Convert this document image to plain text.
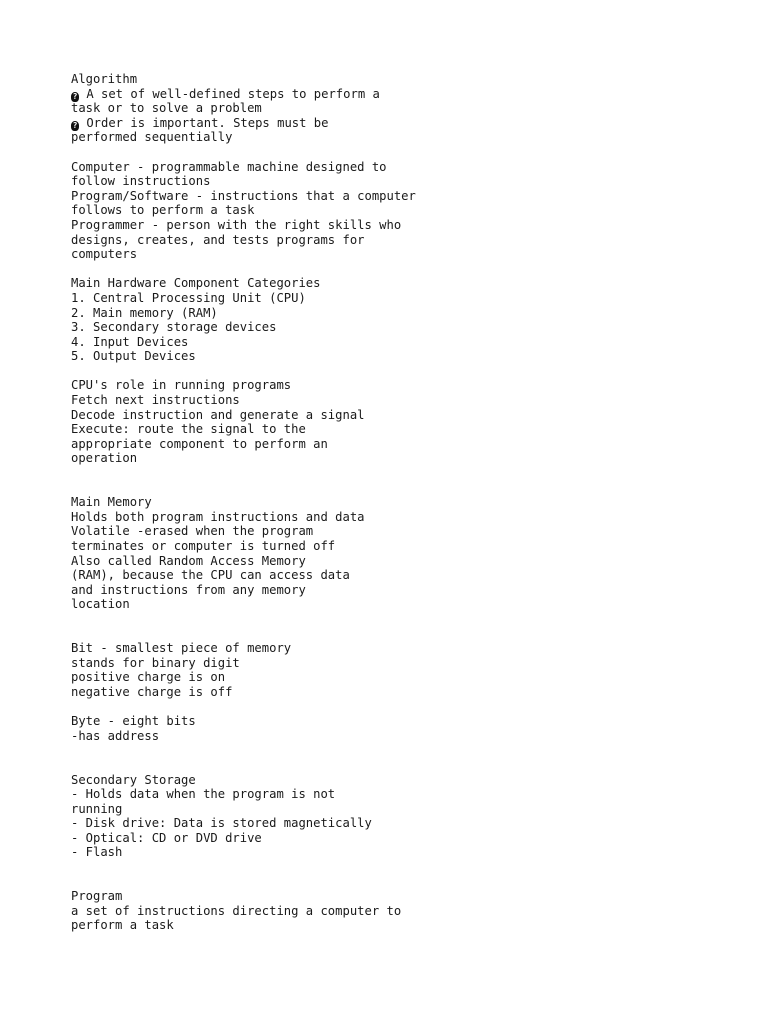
Algorithm
? A set of well-defined steps to perform a
task or to solve a problem
? Order is important. Steps must be
performed sequentially
Computer - programmable machine designed to
follow instructions
Program/Software - instructions that a computer
follows to perform a task
Programmer - person with the right skills who
designs, creates, and tests programs for
computers
Main Hardware Component Categories
1. Central Processing Unit (CPU)
2. Main memory (RAM)
3. Secondary storage devices
4. Input Devices
5. Output Devices
CPU's role in running programs
Fetch next instructions
Decode instruction and generate a signal
Execute: route the signal to the
appropriate component to perform an
operation
Main Memory
Holds both program instructions and data
Volatile -erased when the program
terminates or computer is turned off
Also called Random Access Memory
(RAM), because the CPU can access data
and instructions from any memory
location
Bit - smallest piece of memory
stands for binary digit
positive charge is on
negative charge is off
Byte - eight bits
-has address
Secondary Storage
- Holds data when the program is not
running
- Disk drive: Data is stored magnetically
- Optical: CD or DVD drive
- Flash
Program
a set of instructions directing a computer to
perform a task
